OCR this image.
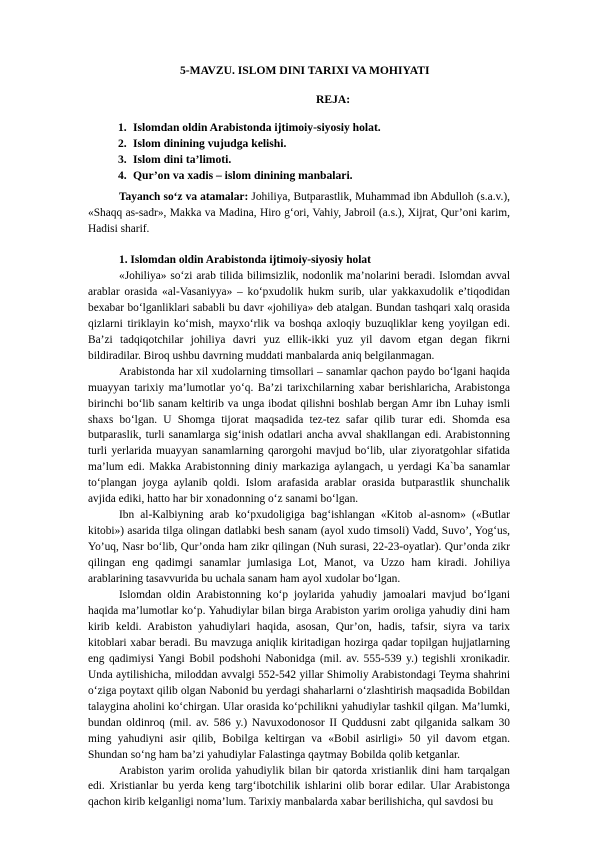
5-MAVZU. ISLOM DINI TARIXI VA MOHIYATI
REJA:
1. Islomdan oldin Arabistonda ijtimoiy-siyosiy holat.
2. Islom dinining vujudga kelishi.
3. Islom dini ta’limoti.
4. Qur’on va xadis – islom dinining manbalari.

Tayanch so‘z va atamalar: Johiliya, Butparastlik, Muhammad ibn Abdulloh (s.a.v.), «Shaqq as-sadr», Makka va Madina, Hiro g‘ori, Vahiy, Jabroil (a.s.), Xijrat, Qur’oni karim, Hadisi sharif.

1. Islomdan oldin Arabistonda ijtimoiy-siyosiy holat

«Johiliya» so‘zi arab tilida bilimsizlik, nodonlik ma’nolarini beradi. Islomdan avval arablar orasida «al-Vasaniyya» – ko‘pxudolik hukm surib, ular yakkaxudolik e’tiqodidan bexabar bo‘lganliklari sababli bu davr «johiliya» deb atalgan. Bundan tashqari xalq orasida qizlarni tiriklayin ko‘mish, mayxo‘rlik va boshqa axloqiy buzuqliklar keng yoyilgan edi. Ba’zi tadqiqotchilar johiliya davri yuz ellik-ikki yuz yil davom etgan degan fikrni bildiradilar. Biroq ushbu davrning muddati manbalarda aniq belgilanmagan.

Arabistonda har xil xudolarning timsollari – sanamlar qachon paydo bo‘lgani haqida muayyan tarixiy ma’lumotlar yo‘q. Ba’zi tarixchilarning xabar berishlaricha, Arabistonga birinchi bo‘lib sanam keltirib va unga ibodat qilishni boshlab bergan Amr ibn Luhay ismli shaxs bo‘lgan. U Shomga tijorat maqsadida tez-tez safar qilib turar edi. Shomda esa butparaslik, turli sanamlarga sig‘inish odatlari ancha avval shakllangan edi. Arabistonning turli yerlarida muayyan sanamlarning qarorgohi mavjud bo‘lib, ular ziyoratgohlar sifatida ma’lum edi. Makka Arabistonning diniy markaziga aylangach, u yerdagi Ka`ba sanamlar to‘plangan joyga aylanib qoldi. Islom arafasida arablar orasida butparastlik shunchalik avjida ediki, hatto har bir xonadonning o‘z sanami bo‘lgan.

Ibn al-Kalbiyning arab ko‘pxudoligiga bag‘ishlangan «Kitob al-asnom» («Butlar kitobi») asarida tilga olingan datlabki besh sanam (ayol xudo timsoli) Vadd, Suvo’, Yog‘us, Yo’uq, Nasr bo‘lib, Qur’onda ham zikr qilingan (Nuh surasi, 22-23-oyatlar). Qur’onda zikr qilingan eng qadimgi sanamlar jumlasiga Lot, Manot, va Uzzo ham kiradi. Johiliya arablarining tasavvurida bu uchala sanam ham ayol xudolar bo‘lgan.

Islomdan oldin Arabistonning ko‘p joylarida yahudiy jamoalari mavjud bo‘lgani haqida ma’lumotlar ko‘p. Yahudiylar bilan birga Arabiston yarim oroliga yahudiy dini ham kirib keldi. Arabiston yahudiylari haqida, asosan, Qur’on, hadis, tafsir, siyra va tarix kitoblari xabar beradi. Bu mavzuga aniqlik kiritadigan hozirga qadar topilgan hujjatlarning eng qadimiysi Yangi Bobil podshohi Nabonidga (mil. av. 555-539 y.) tegishli xronikadir. Unda aytilishicha, miloddan avvalgi 552-542 yillar Shimoliy Arabistondagi Teyma shahrini o‘ziga poytaxt qilib olgan Nabonid bu yerdagi shaharlarni o‘zlashtirish maqsadida Bobildan talaygina aholini ko‘chirgan. Ular orasida ko‘pchilikni yahudiylar tashkil qilgan. Ma’lumki, bundan oldinroq (mil. av. 586 y.) Navuxodonosor II Quddusni zabt qilganida salkam 30 ming yahudiyni asir qilib, Bobilga keltirgan va «Bobil asirligi» 50 yil davom etgan. Shundan so‘ng ham ba’zi yahudiylar Falastinga qaytmay Bobilda qolib ketganlar.

Arabiston yarim orolida yahudiylik bilan bir qatorda xristianlik dini ham tarqalgan edi. Xristianlar bu yerda keng targ‘ibotchilik ishlarini olib borar edilar. Ular Arabistonga qachon kirib kelganligi noma’lum. Tarixiy manbalarda xabar berilishicha, qul savdosi bu
